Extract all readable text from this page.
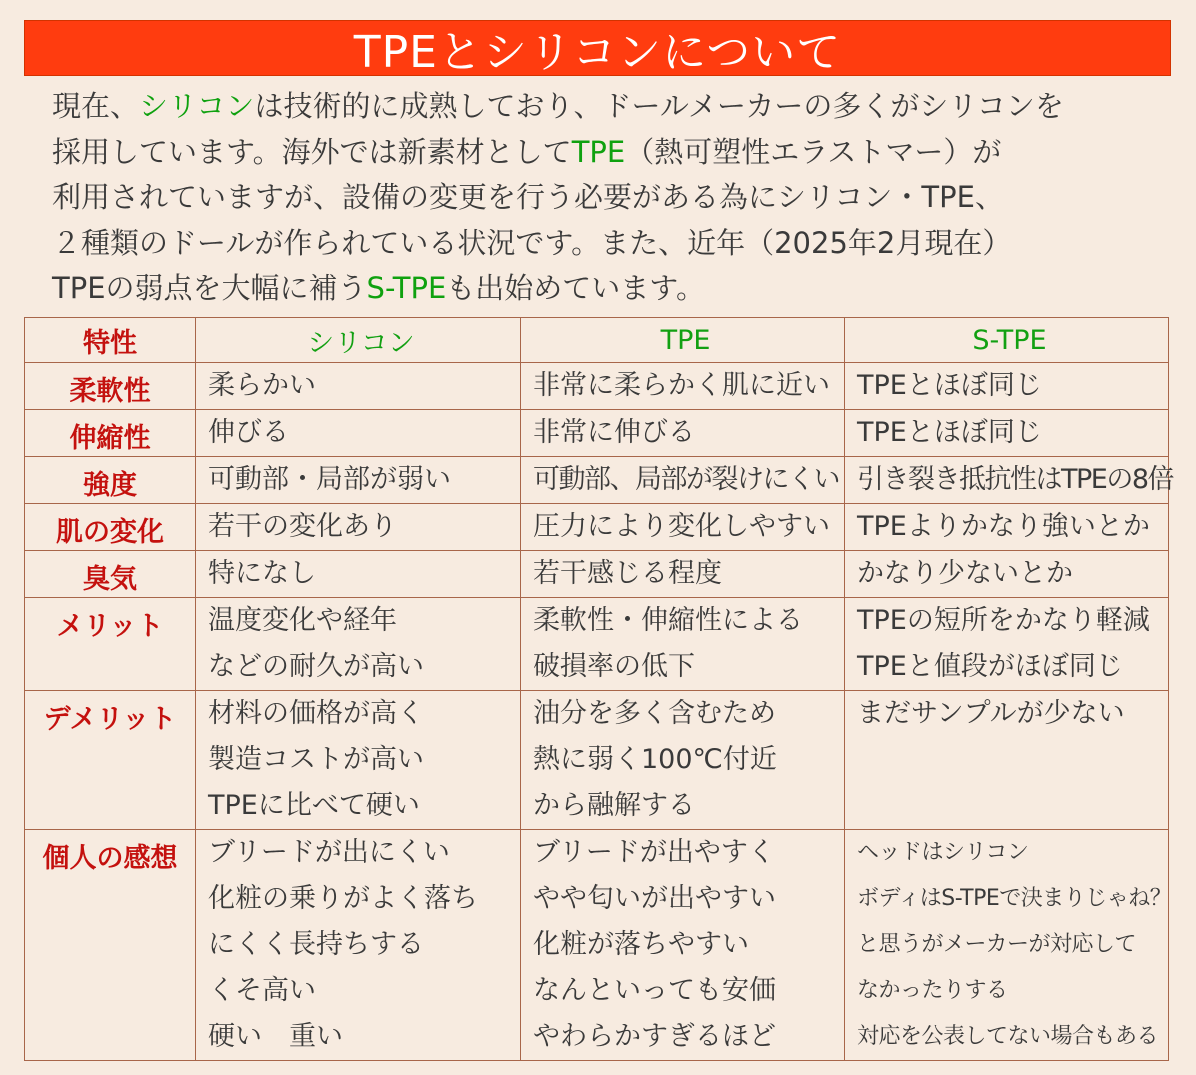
TPEとシリコンについて

現在、シリコンは技術的に成熟しており、ドールメーカーの多くがシリコンを

採用しています。海外では新素材としてTPE（熱可塑性エラストマー）が

利用されていますが、設備の変更を行う必要がある為にシリコン・TPE、

２種類のドールが作られている状況です。また、近年（2025年2月現在）

TPEの弱点を大幅に補うS-TPEも出始めています。

特性	シリコン	TPE	S-TPE
柔軟性	柔らかい	非常に柔らかく肌に近い	TPEとほぼ同じ

伸縮性	伸びる	非常に伸びる	TPEとほぼ同じ

強度	可動部・局部が弱い	可動部、局部が裂けにくい	引き裂き抵抗性はTPEの8倍

肌の変化	若干の変化あり	圧力により変化しやすい	TPEよりかなり強いとか

臭気	特になし	若干感じる程度	かなり少ないとか

メリット	温度変化や経年
などの耐久が高い	柔軟性・伸縮性による
破損率の低下	TPEの短所をかなり軽減
TPEと値段がほぼ同じ

デメリット	材料の価格が高く
製造コストが高い
TPEに比べて硬い	油分を多く含むため
熱に弱く100℃付近
から融解する	まだサンプルが少ない

個人の感想	ブリードが出にくい
化粧の乗りがよく落ち
にくく長持ちする
くそ高い
硬い　重い	ブリードが出やすく
やや匂いが出やすい
化粧が落ちやすい
なんといっても安価
やわらかすぎるほど	ヘッドはシリコン
ボディはS-TPEで決まりじゃね？
と思うがメーカーが対応して
なかったりする
対応を公表してない場合もある
